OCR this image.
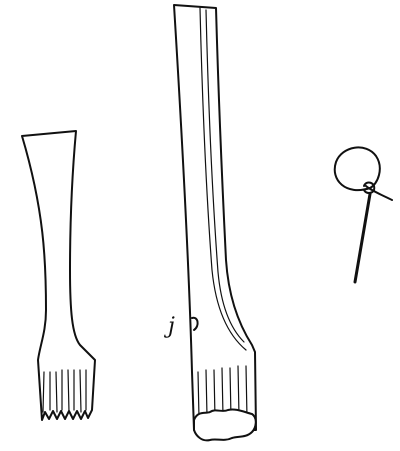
j
